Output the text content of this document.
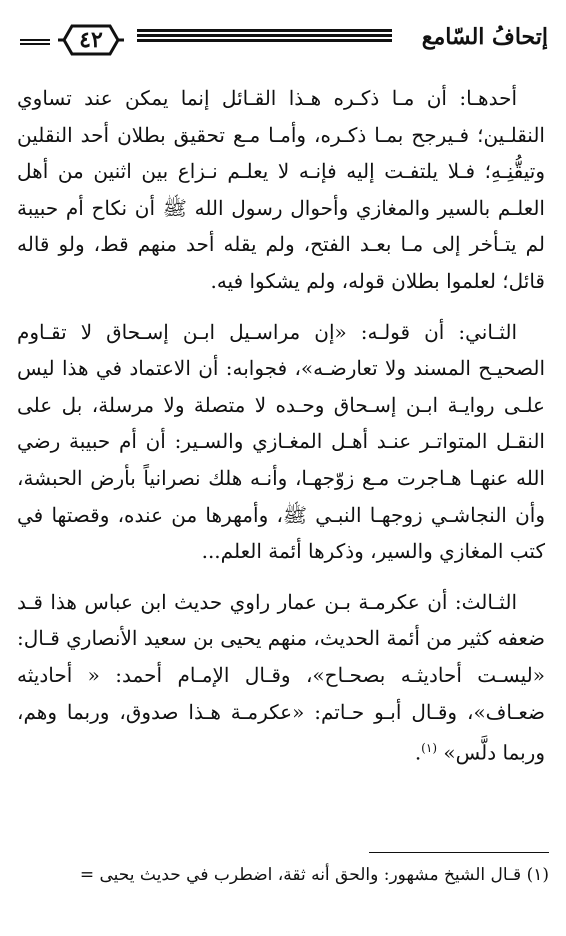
٤٢	إتحافُ السّامع

أحدهـا: أن مـا ذكـره هـذا القـائل إنما يمكن عند تساوي النقلـين؛ فـيرجح بمـا ذكـره، وأمـا مـع تحقيق بطلان أحد النقلين وتيقُّنِـهِ؛ فـلا يلتفـت إليه فإنـه لا يعلـم نـزاع بين اثنين من أهل العلـم بالسير والمغازي وأحوال رسول الله ﷺ أن نكاح أم حبيبة لم يتـأخر إلى مـا بعـد الفتح، ولم يقله أحد منهم قط، ولو قاله قائل؛ لعلموا بطلان قوله، ولم يشكوا فيه.

الثـاني: أن قولـه: «إن مراسـيل ابـن إسـحاق لا تقـاوم الصحيـح المسند ولا تعارضـه»، فجوابه: أن الاعتماد في هذا ليس علـى روايـة ابـن إسـحاق وحـده لا متصلة ولا مرسلة، بل على النقـل المتواتـر عنـد أهـل المغـازي والسـير: أن أم حبيبة رضي الله عنهـا هـاجرت مـع زوّجهـا، وأنـه هلك نصرانياً بأرض الحبشة، وأن النجاشـي زوجهـا النبـي ﷺ، وأمهرها من عنده، وقصتها في كتب المغازي والسير، وذكرها أئمة العلم...

الثـالث: أن عكرمـة بـن عمار راوي حديث ابن عباس هذا قـد ضعفه كثير من أئمة الحديث، منهم يحيى بن سعيد الأنصاري قـال: «ليسـت أحاديثـه بصحـاح»، وقـال الإمـام أحمد: « أحاديثه ضعـاف»، وقـال أبـو حـاتم: «عكرمـة هـذا صدوق، وربما وهم، وربما دلَّس» $^{(١)}$.

(١) قـال الشيخ مشهور: والحق أنه ثقة، اضطرب في حديث يحيى =
